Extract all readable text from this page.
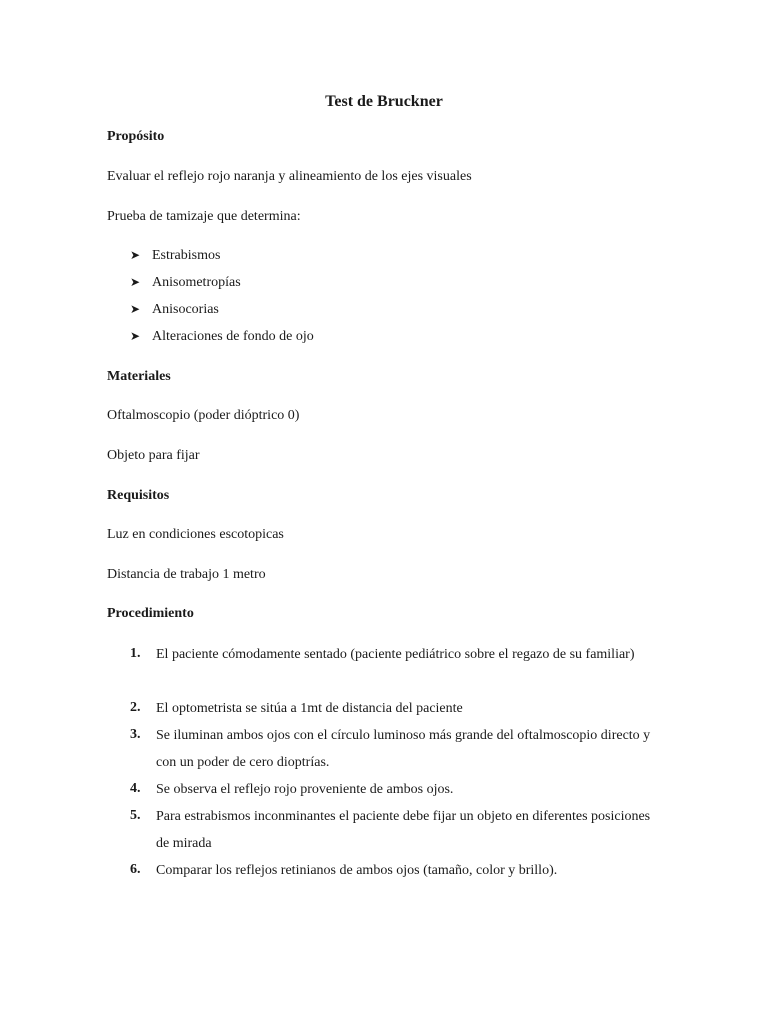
Test de Bruckner
Propósito
Evaluar el reflejo rojo naranja y alineamiento de los ejes visuales
Prueba de tamizaje que determina:
➤ Estrabismos
➤ Anisometropías
➤ Anisocorias
➤ Alteraciones de fondo de ojo
Materiales
Oftalmoscopio (poder dióptrico 0)
Objeto para fijar
Requisitos
Luz en condiciones escotopicas
Distancia de trabajo 1 metro
Procedimiento
1.	El paciente cómodamente sentado (paciente pediátrico sobre el regazo de su familiar)
2.	El optometrista se sitúa a 1mt de distancia del paciente
3.	Se iluminan ambos ojos con el círculo luminoso más grande del oftalmoscopio directo y con un poder de cero dioptrías.
4.	Se observa el reflejo rojo proveniente de ambos ojos.
5.	Para estrabismos inconminantes el paciente debe fijar un objeto en diferentes posiciones de mirada
6.	Comparar los reflejos retinianos de ambos ojos (tamaño, color y brillo).
